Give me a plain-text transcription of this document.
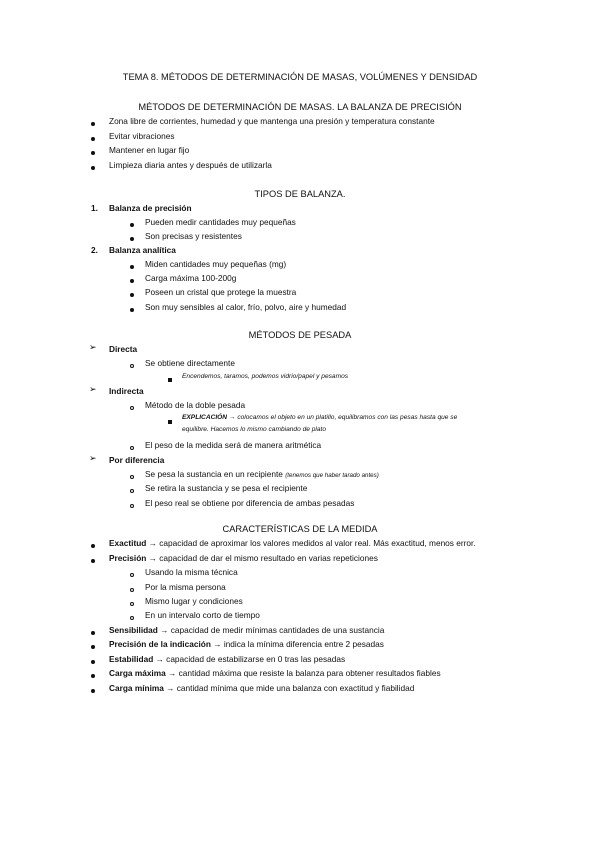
TEMA 8. MÉTODOS DE DETERMINACIÓN DE MASAS, VOLÚMENES Y DENSIDAD
MÉTODOS DE DETERMINACIÓN DE MASAS. LA BALANZA DE PRECISIÓN
Zona libre de corrientes, humedad y que mantenga una presión y temperatura constante
Evitar vibraciones
Mantener en lugar fijo
Limpieza diaria antes y después de utilizarla
TIPOS DE BALANZA.
1. Balanza de precisión
Pueden medir cantidades muy pequeñas
Son precisas y resistentes
2. Balanza analítica
Miden cantidades muy pequeñas (mg)
Carga máxima 100-200g
Poseen un cristal que protege la muestra
Son muy sensibles al calor, frío, polvo, aire y humedad
MÉTODOS DE PESADA
➢ Directa
Se obtiene directamente
Encendemos, taramos, podemos vidrio/papel y pesamos
➢ Indirecta
Método de la doble pesada
EXPLICACIÓN → colocamos el objeto en un platillo, equilibramos con las pesas hasta que se
equilibre. Hacemos lo mismo cambiando de plato
El peso de la medida será de manera aritmética
➢ Por diferencia
Se pesa la sustancia en un recipiente (tenemos que haber tarado antes)
Se retira la sustancia y se pesa el recipiente
El peso real se obtiene por diferencia de ambas pesadas
CARACTERÍSTICAS DE LA MEDIDA
Exactitud → capacidad de aproximar los valores medidos al valor real. Más exactitud, menos error.
Precisión → capacidad de dar el mismo resultado en varias repeticiones
Usando la misma técnica
Por la misma persona
Mismo lugar y condiciones
En un intervalo corto de tiempo
Sensibilidad → capacidad de medir mínimas cantidades de una sustancia
Precisión de la indicación → indica la mínima diferencia entre 2 pesadas
Estabilidad → capacidad de estabilizarse en 0 tras las pesadas
Carga máxima → cantidad máxima que resiste la balanza para obtener resultados fiables
Carga mínima → cantidad mínima que mide una balanza con exactitud y fiabilidad
